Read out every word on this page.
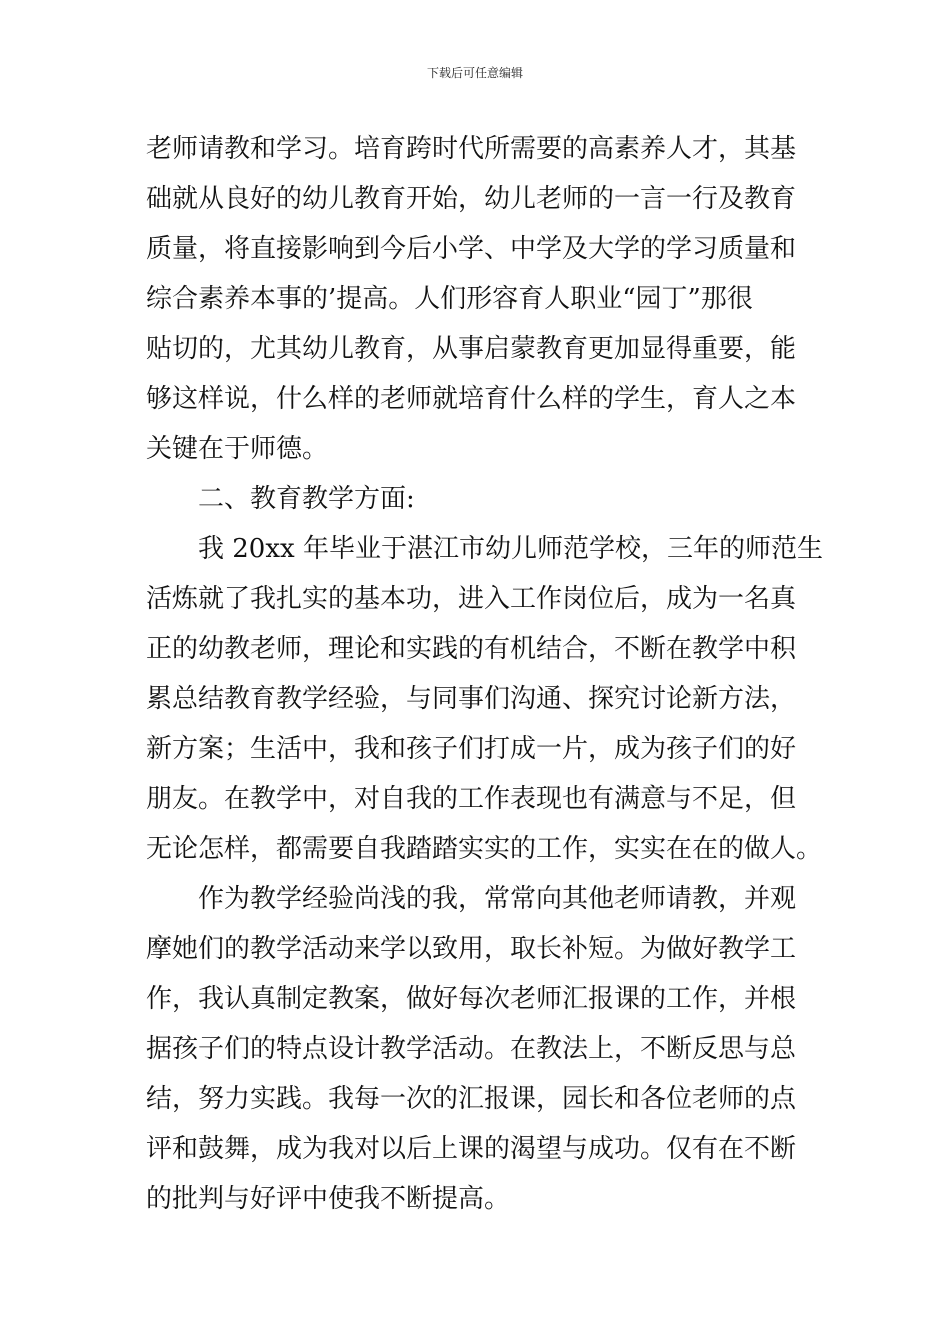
下载后可任意编辑
老师请教和学习。培育跨时代所需要的高素养人才，其基
础就从良好的幼儿教育开始，幼儿老师的一言一行及教育
质量，将直接影响到今后小学、中学及大学的学习质量和
综合素养本事的’提高。人们形容育人职业“园丁”那很
贴切的，尤其幼儿教育，从事启蒙教育更加显得重要，能
够这样说，什么样的老师就培育什么样的学生，育人之本
关键在于师德。
二、教育教学方面:
我 20xx 年毕业于湛江市幼儿师范学校，三年的师范生
活炼就了我扎实的基本功，进入工作岗位后，成为一名真
正的幼教老师，理论和实践的有机结合，不断在教学中积
累总结教育教学经验，与同事们沟通、探究讨论新方法，
新方案；生活中，我和孩子们打成一片，成为孩子们的好
朋友。在教学中，对自我的工作表现也有满意与不足，但
无论怎样，都需要自我踏踏实实的工作，实实在在的做人。
作为教学经验尚浅的我，常常向其他老师请教，并观
摩她们的教学活动来学以致用，取长补短。为做好教学工
作，我认真制定教案，做好每次老师汇报课的工作，并根
据孩子们的特点设计教学活动。在教法上，不断反思与总
结，努力实践。我每一次的汇报课，园长和各位老师的点
评和鼓舞，成为我对以后上课的渴望与成功。仅有在不断
的批判与好评中使我不断提高。
